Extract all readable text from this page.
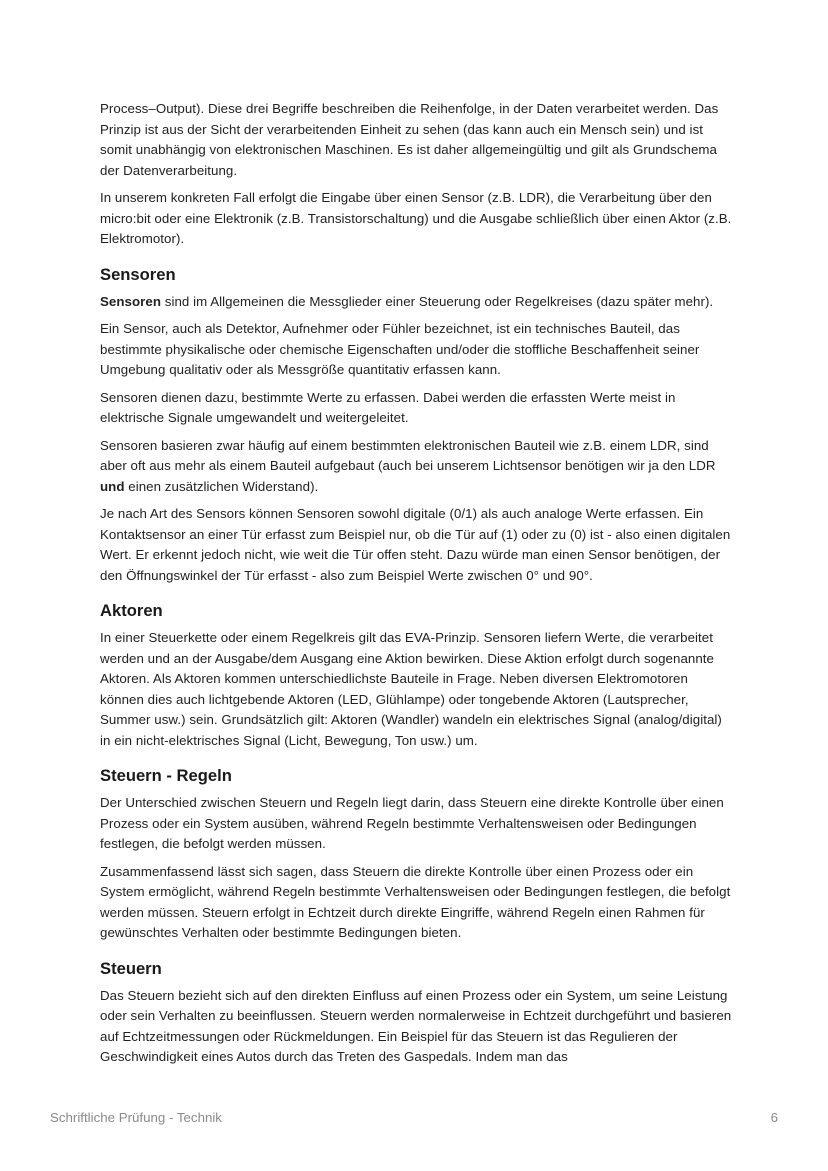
Process–Output). Diese drei Begriffe beschreiben die Reihenfolge, in der Daten verarbeitet werden. Das Prinzip ist aus der Sicht der verarbeitenden Einheit zu sehen (das kann auch ein Mensch sein) und ist somit unabhängig von elektronischen Maschinen. Es ist daher allgemeingültig und gilt als Grundschema der Datenverarbeitung.

In unserem konkreten Fall erfolgt die Eingabe über einen Sensor (z.B. LDR), die Verarbeitung über den micro:bit oder eine Elektronik (z.B. Transistorschaltung) und die Ausgabe schließlich über einen Aktor (z.B. Elektromotor).

Sensoren

Sensoren sind im Allgemeinen die Messglieder einer Steuerung oder Regelkreises (dazu später mehr).

Ein Sensor, auch als Detektor, Aufnehmer oder Fühler bezeichnet, ist ein technisches Bauteil, das bestimmte physikalische oder chemische Eigenschaften und/oder die stoffliche Beschaffenheit seiner Umgebung qualitativ oder als Messgröße quantitativ erfassen kann.

Sensoren dienen dazu, bestimmte Werte zu erfassen. Dabei werden die erfassten Werte meist in elektrische Signale umgewandelt und weitergeleitet.

Sensoren basieren zwar häufig auf einem bestimmten elektronischen Bauteil wie z.B. einem LDR, sind aber oft aus mehr als einem Bauteil aufgebaut (auch bei unserem Lichtsensor benötigen wir ja den LDR und einen zusätzlichen Widerstand).

Je nach Art des Sensors können Sensoren sowohl digitale (0/1) als auch analoge Werte erfassen. Ein Kontaktsensor an einer Tür erfasst zum Beispiel nur, ob die Tür auf (1) oder zu (0) ist - also einen digitalen Wert. Er erkennt jedoch nicht, wie weit die Tür offen steht. Dazu würde man einen Sensor benötigen, der den Öffnungswinkel der Tür erfasst - also zum Beispiel Werte zwischen 0° und 90°.

Aktoren

In einer Steuerkette oder einem Regelkreis gilt das EVA-Prinzip. Sensoren liefern Werte, die verarbeitet werden und an der Ausgabe/dem Ausgang eine Aktion bewirken. Diese Aktion erfolgt durch sogenannte Aktoren. Als Aktoren kommen unterschiedlichste Bauteile in Frage. Neben diversen Elektromotoren können dies auch lichtgebende Aktoren (LED, Glühlampe) oder tongebende Aktoren (Lautsprecher, Summer usw.) sein. Grundsätzlich gilt: Aktoren (Wandler) wandeln ein elektrisches Signal (analog/digital) in ein nicht-elektrisches Signal (Licht, Bewegung, Ton usw.) um.

Steuern - Regeln

Der Unterschied zwischen Steuern und Regeln liegt darin, dass Steuern eine direkte Kontrolle über einen Prozess oder ein System ausüben, während Regeln bestimmte Verhaltensweisen oder Bedingungen festlegen, die befolgt werden müssen.

Zusammenfassend lässt sich sagen, dass Steuern die direkte Kontrolle über einen Prozess oder ein System ermöglicht, während Regeln bestimmte Verhaltensweisen oder Bedingungen festlegen, die befolgt werden müssen. Steuern erfolgt in Echtzeit durch direkte Eingriffe, während Regeln einen Rahmen für gewünschtes Verhalten oder bestimmte Bedingungen bieten.

Steuern

Das Steuern bezieht sich auf den direkten Einfluss auf einen Prozess oder ein System, um seine Leistung oder sein Verhalten zu beeinflussen. Steuern werden normalerweise in Echtzeit durchgeführt und basieren auf Echtzeitmessungen oder Rückmeldungen. Ein Beispiel für das Steuern ist das Regulieren der Geschwindigkeit eines Autos durch das Treten des Gaspedals. Indem man das

Schriftliche Prüfung - Technik	6
